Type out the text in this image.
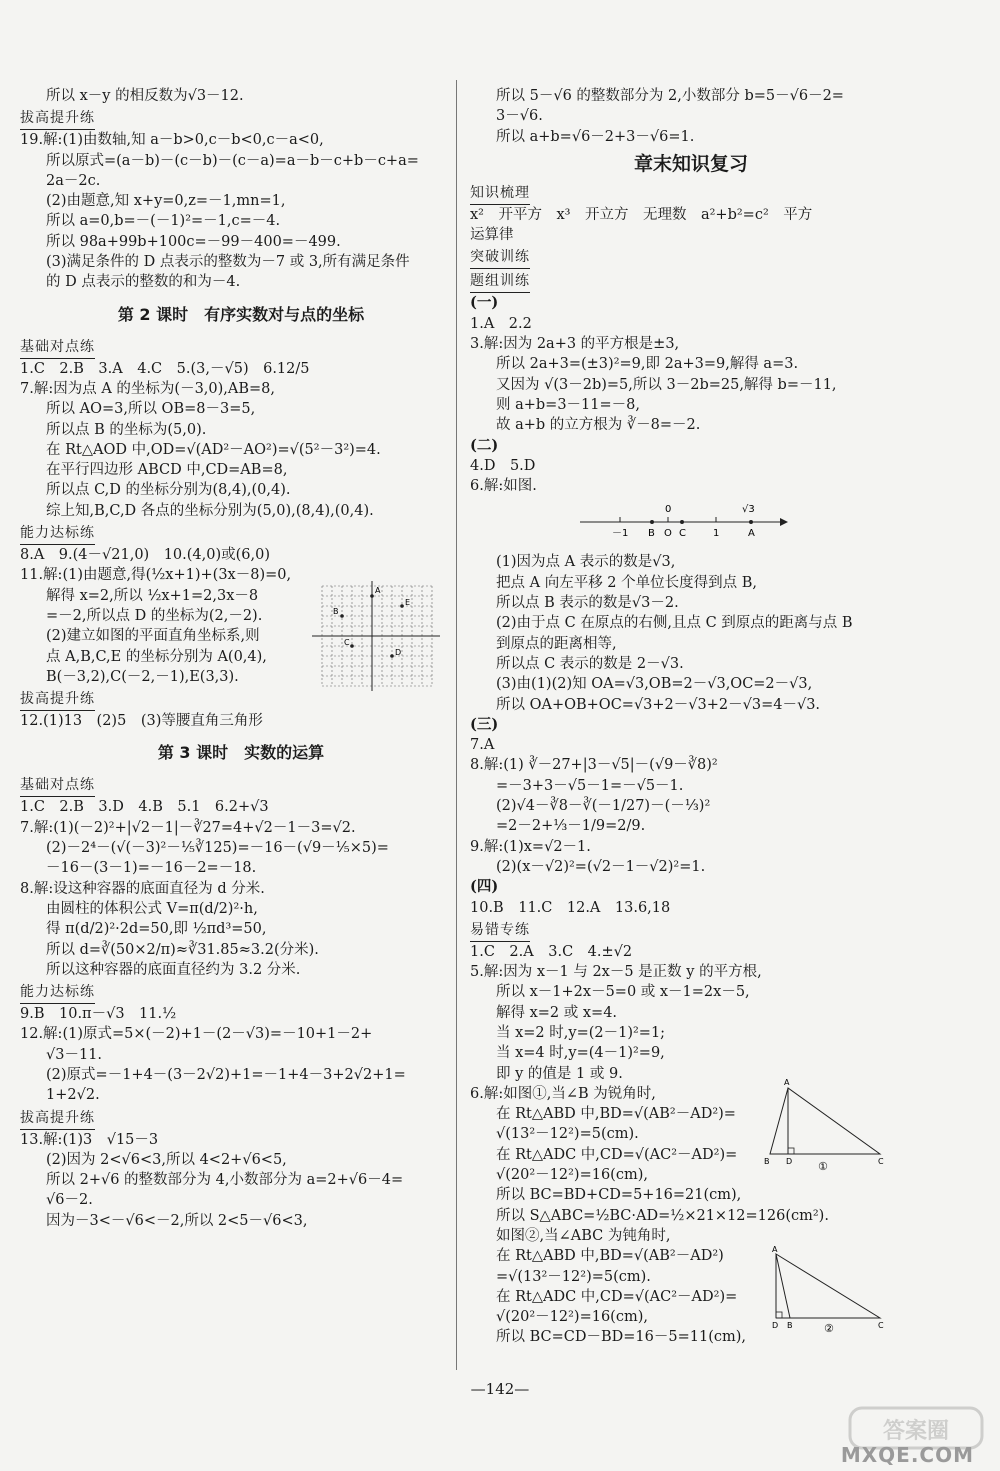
所以 x－y 的相反数为√3－12.
拔高提升练
19.解:(1)由数轴,知 a－b>0,c－b<0,c－a<0,
所以原式=(a－b)－(c－b)－(c－a)=a－b－c+b－c+a=
2a－2c.
(2)由题意,知 x+y=0,z=－1,mn=1,
所以 a=0,b=－(－1)²=－1,c=－4.
所以 98a+99b+100c=－99－400=－499.
(3)满足条件的 D 点表示的整数为－7 或 3,所有满足条件
的 D 点表示的整数的和为－4.
第 2 课时　有序实数对与点的坐标
基础对点练
1.C　2.B　3.A　4.C　5.(3,－√5)　6.12/5
7.解:因为点 A 的坐标为(－3,0),AB=8,
所以 AO=3,所以 OB=8－3=5,
所以点 B 的坐标为(5,0).
在 Rt△AOD 中,OD=√(AD²－AO²)=√(5²－3²)=4.
在平行四边形 ABCD 中,CD=AB=8,
所以点 C,D 的坐标分别为(8,4),(0,4).
综上知,B,C,D 各点的坐标分别为(5,0),(8,4),(0,4).
能力达标练
8.A　9.(4－√21,0)　10.(4,0)或(6,0)
11.解:(1)由题意,得(½x+1)+(3x－8)=0,
解得 x=2,所以 ½x+1=2,3x－8
=－2,所以点 D 的坐标为(2,－2).
(2)建立如图的平面直角坐标系,则
点 A,B,C,E 的坐标分别为 A(0,4),
B(－3,2),C(－2,－1),E(3,3).
A
B
E
C
D
拔高提升练
12.(1)13　(2)5　(3)等腰直角三角形
第 3 课时　实数的运算
基础对点练
1.C　2.B　3.D　4.B　5.1　6.2+√3
7.解:(1)(－2)²+|√2－1|－∛27=4+√2－1－3=√2.
(2)－2⁴－(√(－3)²－⅕∛125)=－16－(√9－⅕×5)=
－16－(3－1)=－16－2=－18.
8.解:设这种容器的底面直径为 d 分米.
由圆柱的体积公式 V=π(d/2)²·h,
得 π(d/2)²·2d=50,即 ½πd³=50,
所以 d=∛(50×2/π)≈∛31.85≈3.2(分米).
所以这种容器的底面直径约为 3.2 分米.
能力达标练
9.B　10.π－√3　11.½
12.解:(1)原式=5×(－2)+1－(2－√3)=－10+1－2+
√3－11.
(2)原式=－1+4－(3－2√2)+1=－1+4－3+2√2+1=
1+2√2.
拔高提升练
13.解:(1)3　√15－3
(2)因为 2<√6<3,所以 4<2+√6<5,
所以 2+√6 的整数部分为 4,小数部分为 a=2+√6－4=
√6－2.
因为－3<－√6<－2,所以 2<5－√6<3,
所以 5－√6 的整数部分为 2,小数部分 b=5－√6－2=
3－√6.
所以 a+b=√6－2+3－√6=1.
章末知识复习
知识梳理
x²　开平方　x³　开立方　无理数　a²+b²=c²　平方
运算律
突破训练
题组训练
(一)
1.A　2.2
3.解:因为 2a+3 的平方根是±3,
所以 2a+3=(±3)²=9,即 2a+3=9,解得 a=3.
又因为 √(3－2b)=5,所以 3－2b=25,解得 b=－11,
则 a+b=3－11=－8,
故 a+b 的立方根为 ∛－8=－2.
(二)
4.D　5.D
6.解:如图.
0	√3
－1 B O C	1	A
(1)因为点 A 表示的数是√3,
把点 A 向左平移 2 个单位长度得到点 B,
所以点 B 表示的数是√3－2.
(2)由于点 C 在原点的右侧,且点 C 到原点的距离与点 B
到原点的距离相等,
所以点 C 表示的数是 2－√3.
(3)由(1)(2)知 OA=√3,OB=2－√3,OC=2－√3,
所以 OA+OB+OC=√3+2－√3+2－√3=4－√3.
(三)
7.A
8.解:(1) ∛－27+|3－√5|－(√9－∛8)²
=－3+3－√5－1=－√5－1.
(2)√4－∛8－∛(－1/27)－(－⅓)²
=2－2+⅓－1/9=2/9.
9.解:(1)x=√2－1.
(2)(x－√2)²=(√2－1－√2)²=1.
(四)
10.B　11.C　12.A　13.6,18
易错专练
1.C　2.A　3.C　4.±√2
5.解:因为 x－1 与 2x－5 是正数 y 的平方根,
所以 x－1+2x－5=0 或 x－1=2x－5,
解得 x=2 或 x=4.
当 x=2 时,y=(2－1)²=1;
当 x=4 时,y=(4－1)²=9,
即 y 的值是 1 或 9.
6.解:如图①,当∠B 为锐角时,
在 Rt△ABD 中,BD=√(AB²－AD²)=
√(13²－12²)=5(cm).
在 Rt△ADC 中,CD=√(AC²－AD²)=
√(20²－12²)=16(cm),
所以 BC=BD+CD=5+16=21(cm),
所以 S△ABC=½BC·AD=½×21×12=126(cm²).
如图②,当∠ABC 为钝角时,
在 Rt△ABD 中,BD=√(AB²－AD²)
=√(13²－12²)=5(cm).
在 Rt△ADC 中,CD=√(AC²－AD²)=
√(20²－12²)=16(cm),
所以 BC=CD－BD=16－5=11(cm),
A
B D	C
①
A
D B	C
②
—142—
答案圈
MXQE.COM
